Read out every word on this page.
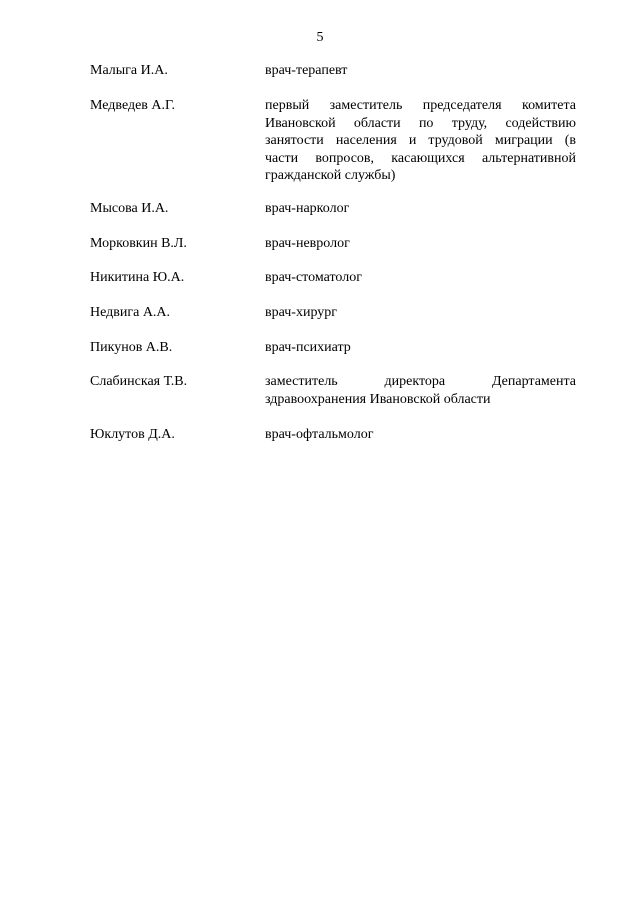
5
Малыга И.А.	врач-терапевт
Медведев А.Г.	первый заместитель председателя комитета
Ивановской области по труду, содействию
занятости населения и трудовой миграции (в
части вопросов, касающихся альтернативной
гражданской службы)
Мысова И.А.	врач-нарколог
Морковкин В.Л.	врач-невролог
Никитина Ю.А.	врач-стоматолог
Недвига А.А.	врач-хирург
Пикунов А.В.	врач-психиатр
Слабинская Т.В.	заместитель директора Департамента
здравоохранения Ивановской области
Юклутов Д.А.	врач-офтальмолог
